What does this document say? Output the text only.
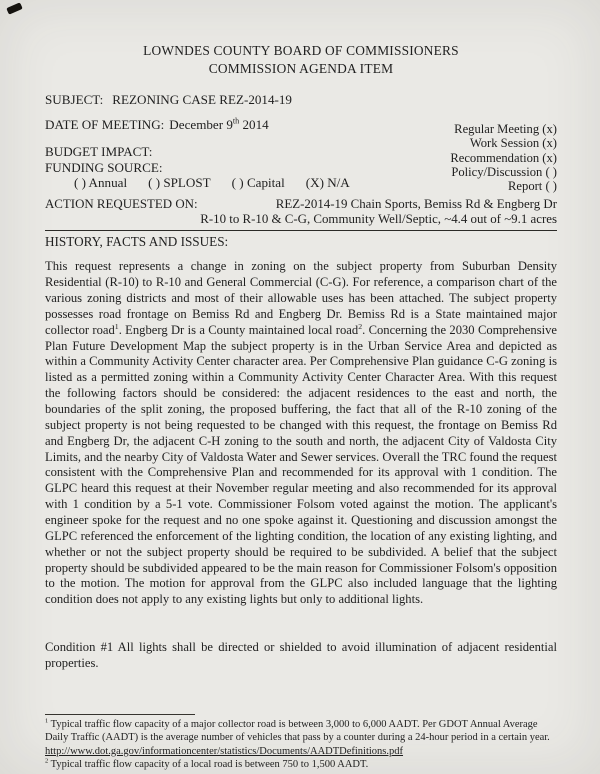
LOWNDES COUNTY BOARD OF COMMISSIONERS
COMMISSION AGENDA ITEM
SUBJECT: REZONING CASE REZ-2014-19
DATE OF MEETING: December 9th 2014
BUDGET IMPACT:
FUNDING SOURCE:
( ) Annual ( ) SPLOST ( ) Capital (X) N/A
Regular Meeting (x)
Work Session (x)
Recommendation (x)
Policy/Discussion ( )
Report ( )
ACTION REQUESTED ON:	REZ-2014-19 Chain Sports, Bemiss Rd & Engberg Dr
R-10 to R-10 & C-G, Community Well/Septic, ~4.4 out of ~9.1 acres
HISTORY, FACTS AND ISSUES:

This request represents a change in zoning on the subject property from Suburban Density Residential (R-10) to R-10 and General Commercial (C-G). For reference, a comparison chart of the various zoning districts and most of their allowable uses has been attached. The subject property possesses road frontage on Bemiss Rd and Engberg Dr. Bemiss Rd is a State maintained major collector road$^1$. Engberg Dr is a County maintained local road$^2$. Concerning the 2030 Comprehensive Plan Future Development Map the subject property is in the Urban Service Area and depicted as within a Community Activity Center character area. Per Comprehensive Plan guidance C-G zoning is listed as a permitted zoning within a Community Activity Center Character Area. With this request the following factors should be considered: the adjacent residences to the east and north, the boundaries of the split zoning, the proposed buffering, the fact that all of the R-10 zoning of the subject property is not being requested to be changed with this request, the frontage on Bemiss Rd and Engberg Dr, the adjacent C-H zoning to the south and north, the adjacent City of Valdosta City Limits, and the nearby City of Valdosta Water and Sewer services. Overall the TRC found the request consistent with the Comprehensive Plan and recommended for its approval with 1 condition. The GLPC heard this request at their November regular meeting and also recommended for its approval with 1 condition by a 5-1 vote. Commissioner Folsom voted against the motion. The applicant's engineer spoke for the request and no one spoke against it. Questioning and discussion amongst the GLPC referenced the enforcement of the lighting condition, the location of any existing lighting, and whether or not the subject property should be required to be subdivided. A belief that the subject property should be subdivided appeared to be the main reason for Commissioner Folsom's opposition to the motion. The motion for approval from the GLPC also included language that the lighting condition does not apply to any existing lights but only to additional lights.

Condition #1 All lights shall be directed or shielded to avoid illumination of adjacent residential properties.

$^1$ Typical traffic flow capacity of a major collector road is between 3,000 to 6,000 AADT. Per GDOT Annual Average Daily Traffic (AADT) is the average number of vehicles that pass by a counter during a 24-hour period in a certain year.
http://www.dot.ga.gov/informationcenter/statistics/Documents/AADTDefinitions.pdf
$^2$ Typical traffic flow capacity of a local road is between 750 to 1,500 AADT.
